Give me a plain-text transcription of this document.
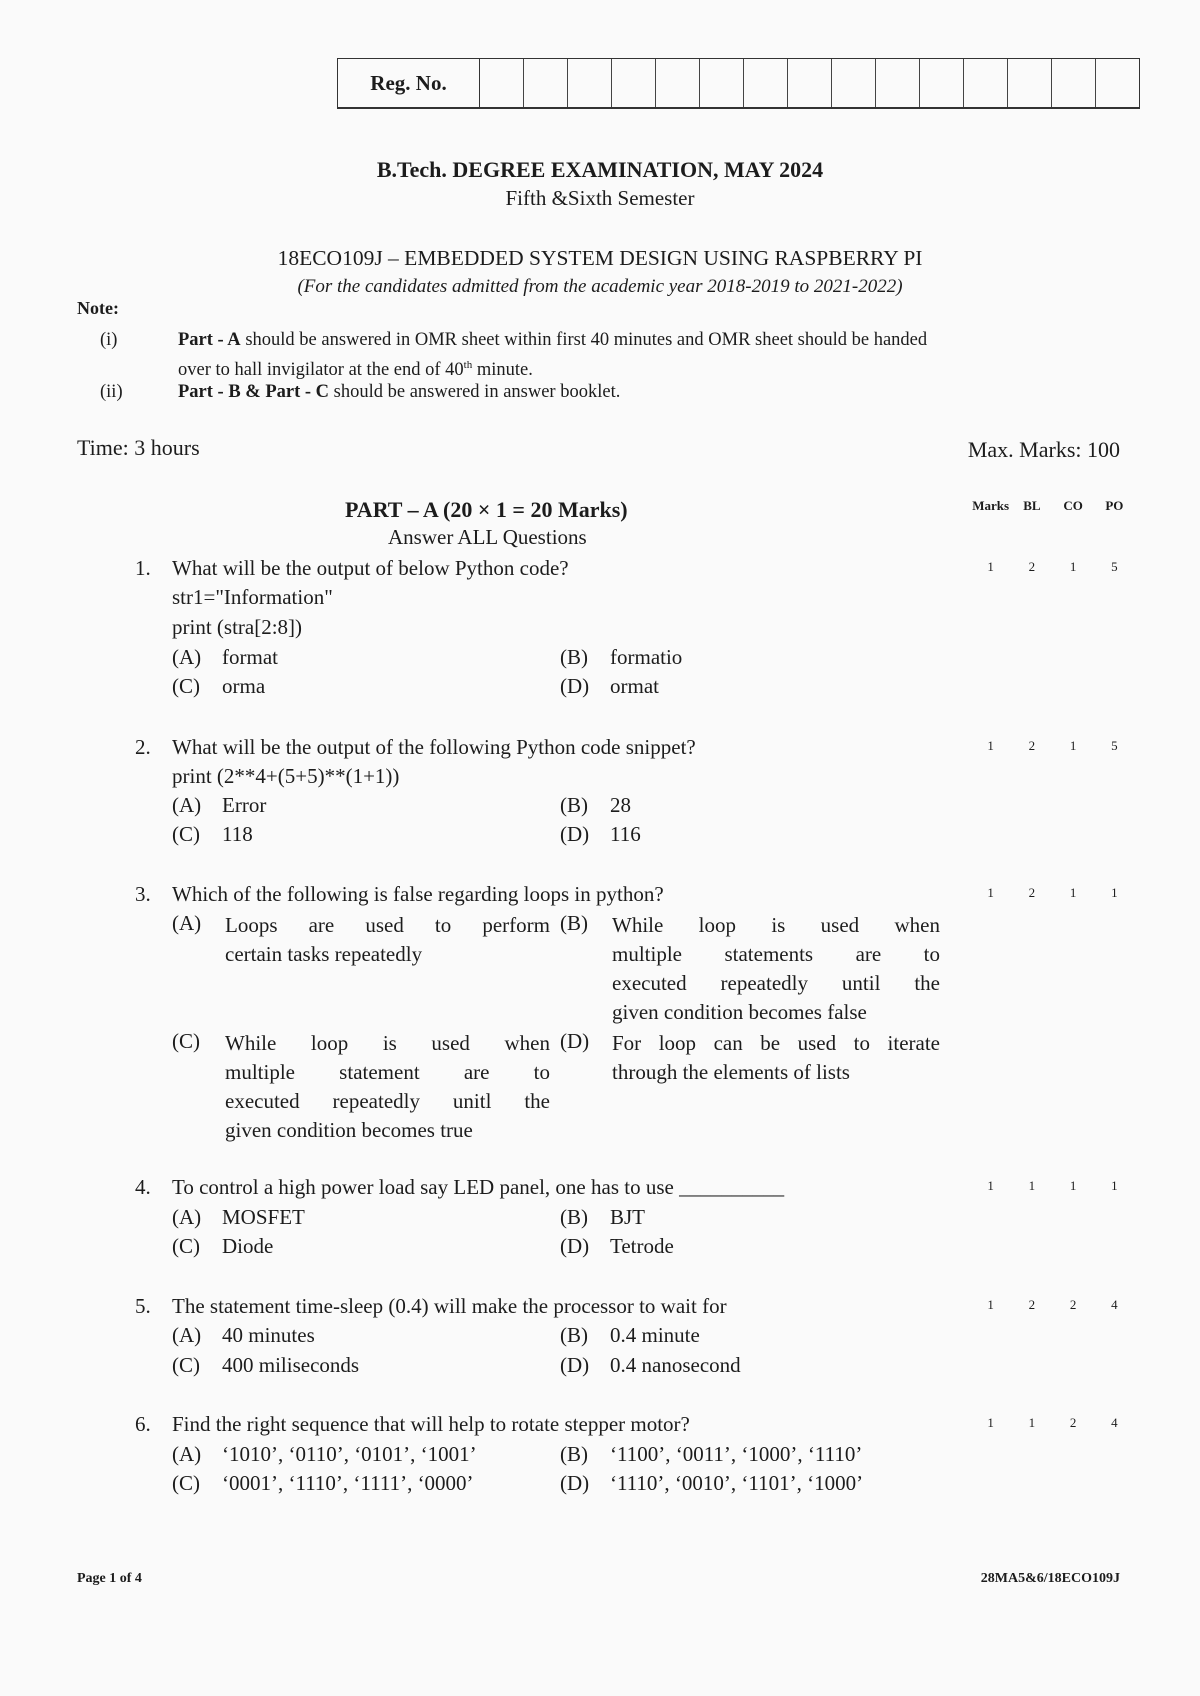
Reg. No.
B.Tech. DEGREE EXAMINATION, MAY 2024
Fifth &Sixth Semester
18ECO109J – EMBEDDED SYSTEM DESIGN USING RASPBERRY PI
(For the candidates admitted from the academic year 2018-2019 to 2021-2022)
Note:
(i)	Part - A should be answered in OMR sheet within first 40 minutes and OMR sheet should be handed
over to hall invigilator at the end of 40th minute.
(ii)	Part - B & Part - C should be answered in answer booklet.
Time: 3 hours	Max. Marks: 100
PART – A (20 × 1 = 20 Marks)
Answer ALL Questions
Marks	BL	CO	PO
1. What will be the output of below Python code?
str1="Information"
print (stra[2:8])
(A) format	(B) formatio
(C) orma	(D) ormat
1	2	1	5
2. What will be the output of the following Python code snippet?
print (2**4+(5+5)**(1+1))
(A) Error	(B) 28
(C) 118	(D) 116
1	2	1	5
3. Which of the following is false regarding loops in python?
(A)	Loops are used to perform
certain tasks repeatedly
(B)	While loop is used when
multiple statements are to
executed repeatedly until the
given condition becomes false
(C)	While loop is used when
multiple statement are to
executed repeatedly unitl the
given condition becomes true
(D)	For loop can be used to iterate
through the elements of lists
1	2	1	1
4. To control a high power load say LED panel, one has to use __________
(A) MOSFET	(B) BJT
(C) Diode	(D) Tetrode
1	1	1	1
5. The statement time-sleep (0.4) will make the processor to wait for
(A) 40 minutes	(B) 0.4 minute
(C) 400 miliseconds	(D) 0.4 nanosecond
1	2	2	4
6. Find the right sequence that will help to rotate stepper motor?
(A) ‘1010’, ‘0110’, ‘0101’, ‘1001’	(B) ‘1100’, ‘0011’, ‘1000’, ‘1110’
(C) ‘0001’, ‘1110’, ‘1111’, ‘0000’	(D) ‘1110’, ‘0010’, ‘1101’, ‘1000’
1	1	2	4
Page 1 of 4	28MA5&6/18ECO109J
